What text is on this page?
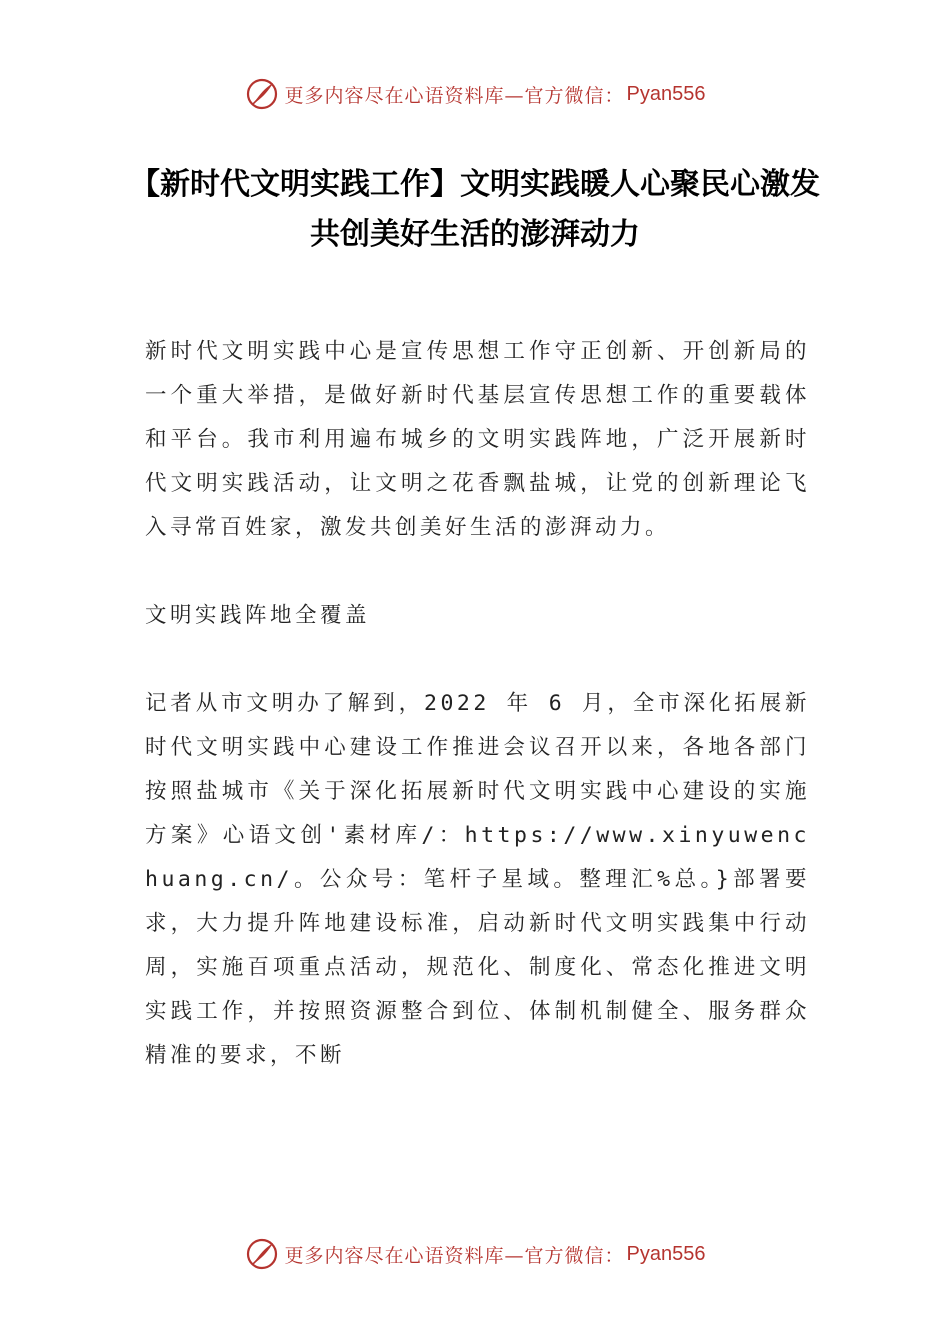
更多内容尽在心语资料库—官方微信： Pyan556
【新时代文明实践工作】文明实践暖人心聚民心激发共创美好生活的澎湃动力

新时代文明实践中心是宣传思想工作守正创新、开创新局的一个重大举措，是做好新时代基层宣传思想工作的重要载体和平台。我市利用遍布城乡的文明实践阵地，广泛开展新时代文明实践活动，让文明之花香飘盐城，让党的创新理论飞入寻常百姓家，激发共创美好生活的澎湃动力。

文明实践阵地全覆盖

记者从市文明办了解到，2022 年 6 月，全市深化拓展新时代文明实践中心建设工作推进会议召开以来，各地各部门按照盐城市《关于深化拓展新时代文明实践中心建设的实施方案》心语文创'素材库/：https://www.xinyuwenchuang.cn/。公众号：笔杆子星域。整理汇%总。}部署要求，大力提升阵地建设标准，启动新时代文明实践集中行动周，实施百项重点活动，规范化、制度化、常态化推进文明实践工作，并按照资源整合到位、体制机制健全、服务群众精准的要求，不断

更多内容尽在心语资料库—官方微信： Pyan556
